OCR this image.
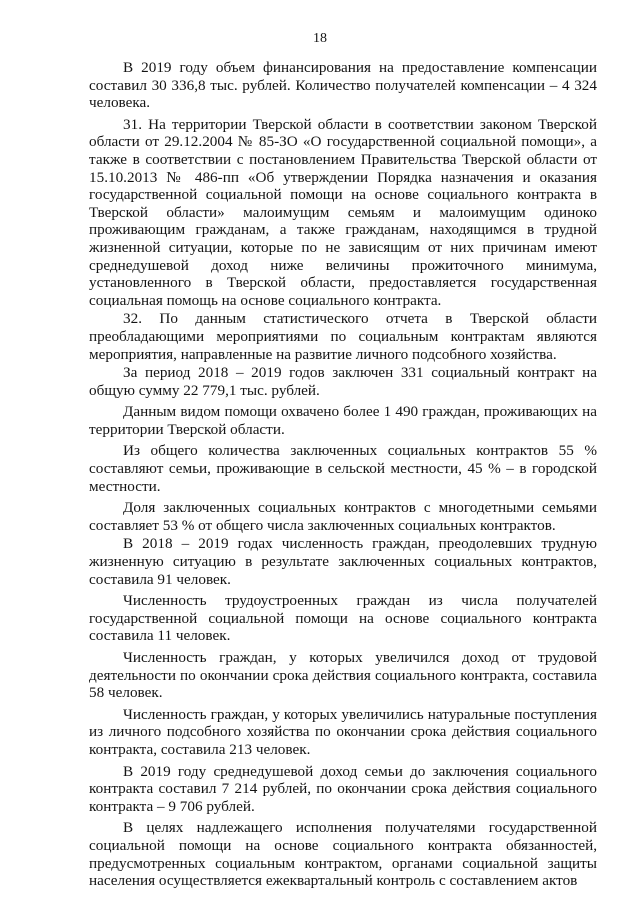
18

В 2019 году объем финансирования на предоставление компенсации составил 30 336,8 тыс. рублей. Количество получателей компенсации – 4 324 человека.

31. На территории Тверской области в соответствии законом Тверской области от 29.12.2004 № 85-ЗО «О государственной социальной помощи», а также в соответствии с постановлением Правительства Тверской области от 15.10.2013 № 486-пп «Об утверждении Порядка назначения и оказания государственной социальной помощи на основе социального контракта в Тверской области» малоимущим семьям и малоимущим одиноко проживающим гражданам, а также гражданам, находящимся в трудной жизненной ситуации, которые по не зависящим от них причинам имеют среднедушевой доход ниже величины прожиточного минимума, установленного в Тверской области, предоставляется государственная социальная помощь на основе социального контракта.

32. По данным статистического отчета в Тверской области преобладающими мероприятиями по социальным контрактам являются мероприятия, направленные на развитие личного подсобного хозяйства.

За период 2018 – 2019 годов заключен 331 социальный контракт на общую сумму 22 779,1 тыс. рублей.

Данным видом помощи охвачено более 1 490 граждан, проживающих на территории Тверской области.

Из общего количества заключенных социальных контрактов 55 % составляют семьи, проживающие в сельской местности, 45 % – в городской местности.

Доля заключенных социальных контрактов с многодетными семьями составляет 53 % от общего числа заключенных социальных контрактов.

В 2018 – 2019 годах численность граждан, преодолевших трудную жизненную ситуацию в результате заключенных социальных контрактов, составила 91 человек.

Численность трудоустроенных граждан из числа получателей государственной социальной помощи на основе социального контракта составила 11 человек.

Численность граждан, у которых увеличился доход от трудовой деятельности по окончании срока действия социального контракта, составила 58 человек.

Численность граждан, у которых увеличились натуральные поступления из личного подсобного хозяйства по окончании срока действия социального контракта, составила 213 человек.

В 2019 году среднедушевой доход семьи до заключения социального контракта составил 7 214 рублей, по окончании срока действия социального контракта – 9 706 рублей.

В целях надлежащего исполнения получателями государственной социальной помощи на основе социального контракта обязанностей, предусмотренных социальным контрактом, органами социальной защиты населения осуществляется ежеквартальный контроль с составлением актов
